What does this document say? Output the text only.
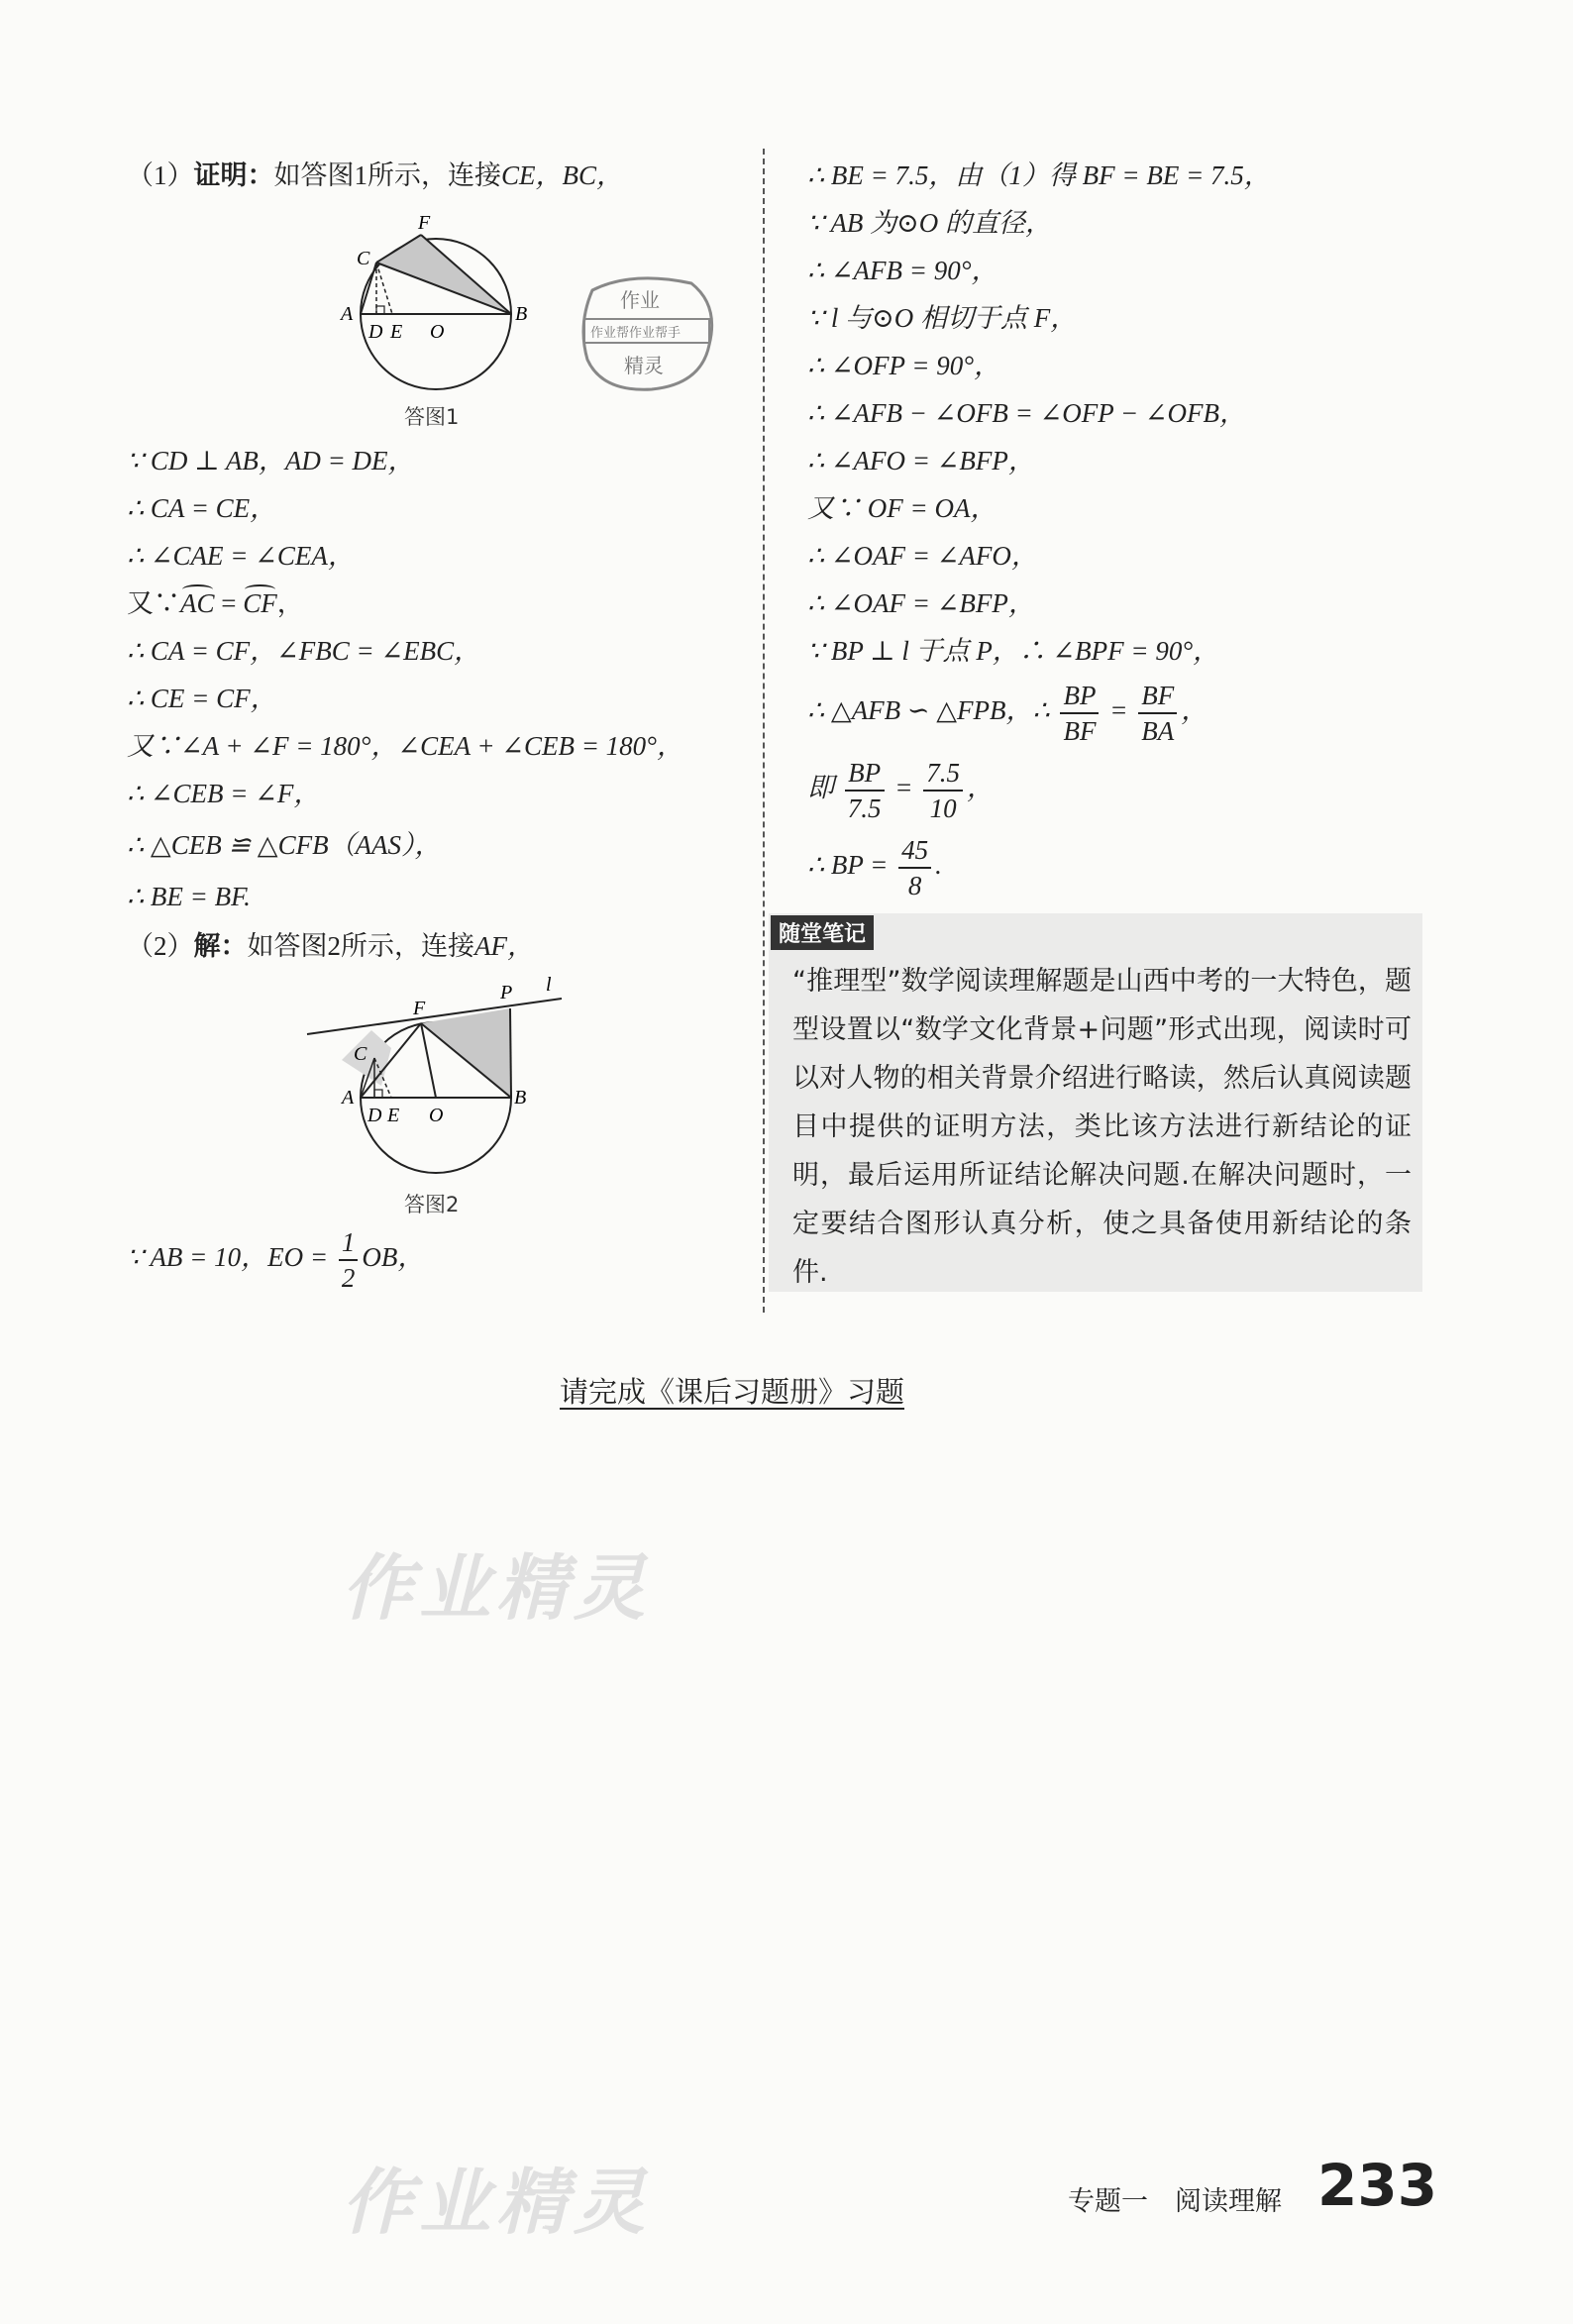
（1）证明：如答图1所示，连接CE，BC，
A	B
C
D E O
F
作业
作业帮作业帮手
精灵
答图1
∵ CD ⊥ AB，AD = DE，
∴ CA = CE，
∴ ∠CAE = ∠CEA，
又∵AC = CF，
∴ CA = CF，∠FBC = ∠EBC，
∴ CE = CF，
又∵∠A + ∠F = 180°，∠CEA + ∠CEB = 180°，
∴ ∠CEB = ∠F，
∴ △CEB ≌ △CFB（AAS），
∴ BE = BF.
（2）解：如答图2所示，连接AF，
A	B
C
D E O
F
P l
答图2
∵ AB = 10，EO = $\frac{1}{2}$ OB，
∴ BE = 7.5，由（1）得 BF = BE = 7.5，
∵ AB 为⊙O 的直径，
∴ ∠AFB = 90°，
∵ l 与⊙O 相切于点 F，
∴ ∠OFP = 90°，
∴ ∠AFB − ∠OFB = ∠OFP − ∠OFB，
∴ ∠AFO = ∠BFP，
又∵ OF = OA，
∴ ∠OAF = ∠AFO，
∴ ∠OAF = ∠BFP，
∵ BP ⊥ l 于点 P，∴ ∠BPF = 90°，
∴ △AFB ∽ △FPB，∴ $\frac{BP}{BF} = \frac{BF}{BA}$ ，
即 $\frac{BP}{7.5} = \frac{7.5}{10}$ ，
∴ BP = $\frac{45}{8}$ .
随堂笔记
“推理型”数学阅读理解题是山西中考的一大特色，题型设置以“数学文化背景+问题”形式出现，阅读时可以对人物的相关背景介绍进行略读，然后认真阅读题目中提供的证明方法，类比该方法进行新结论的证明，最后运用所证结论解决问题.在解决问题时，一定要结合图形认真分析，使之具备使用新结论的条件.
请完成《课后习题册》习题
作业精灵
作业精灵	专题一　阅读理解 233
